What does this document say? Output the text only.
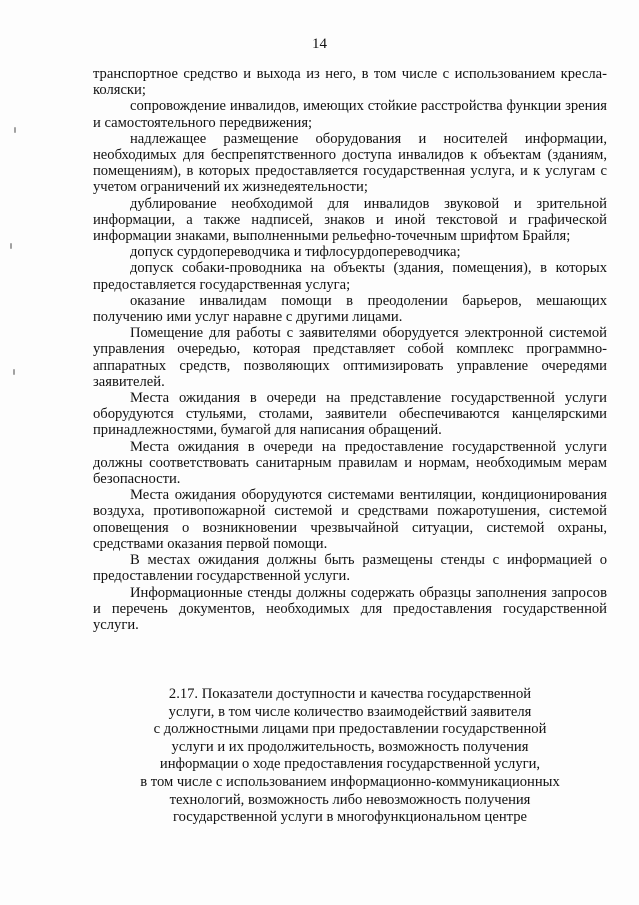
14

транспортное средство и выхода из него, в том числе с использованием кресла-коляски;

сопровождение инвалидов, имеющих стойкие расстройства функции зрения и самостоятельного передвижения;

надлежащее размещение оборудования и носителей информации, необходимых для беспрепятственного доступа инвалидов к объектам (зданиям, помещениям), в которых предоставляется государственная услуга, и к услугам с учетом ограничений их жизнедеятельности;

дублирование необходимой для инвалидов звуковой и зрительной информации, а также надписей, знаков и иной текстовой и графической информации знаками, выполненными рельефно-точечным шрифтом Брайля;

допуск сурдопереводчика и тифлосурдопереводчика;

допуск собаки-проводника на объекты (здания, помещения), в которых предоставляется государственная услуга;

оказание инвалидам помощи в преодолении барьеров, мешающих получению ими услуг наравне с другими лицами.

Помещение для работы с заявителями оборудуется электронной системой управления очередью, которая представляет собой комплекс программно-аппаратных средств, позволяющих оптимизировать управление очередями заявителей.

Места ожидания в очереди на представление государственной услуги оборудуются стульями, столами, заявители обеспечиваются канцелярскими принадлежностями, бумагой для написания обращений.

Места ожидания в очереди на предоставление государственной услуги должны соответствовать санитарным правилам и нормам, необходимым мерам безопасности.

Места ожидания оборудуются системами вентиляции, кондиционирования воздуха, противопожарной системой и средствами пожаротушения, системой оповещения о возникновении чрезвычайной ситуации, системой охраны, средствами оказания первой помощи.

В местах ожидания должны быть размещены стенды с информацией о предоставлении государственной услуги.

Информационные стенды должны содержать образцы заполнения запросов и перечень документов, необходимых для предоставления государственной услуги.

2.17. Показатели доступности и качества государственной
услуги, в том числе количество взаимодействий заявителя
с должностными лицами при предоставлении государственной
услуги и их продолжительность, возможность получения
информации о ходе предоставления государственной услуги,
в том числе с использованием информационно-коммуникационных
технологий, возможность либо невозможность получения
государственной услуги в многофункциональном центре
